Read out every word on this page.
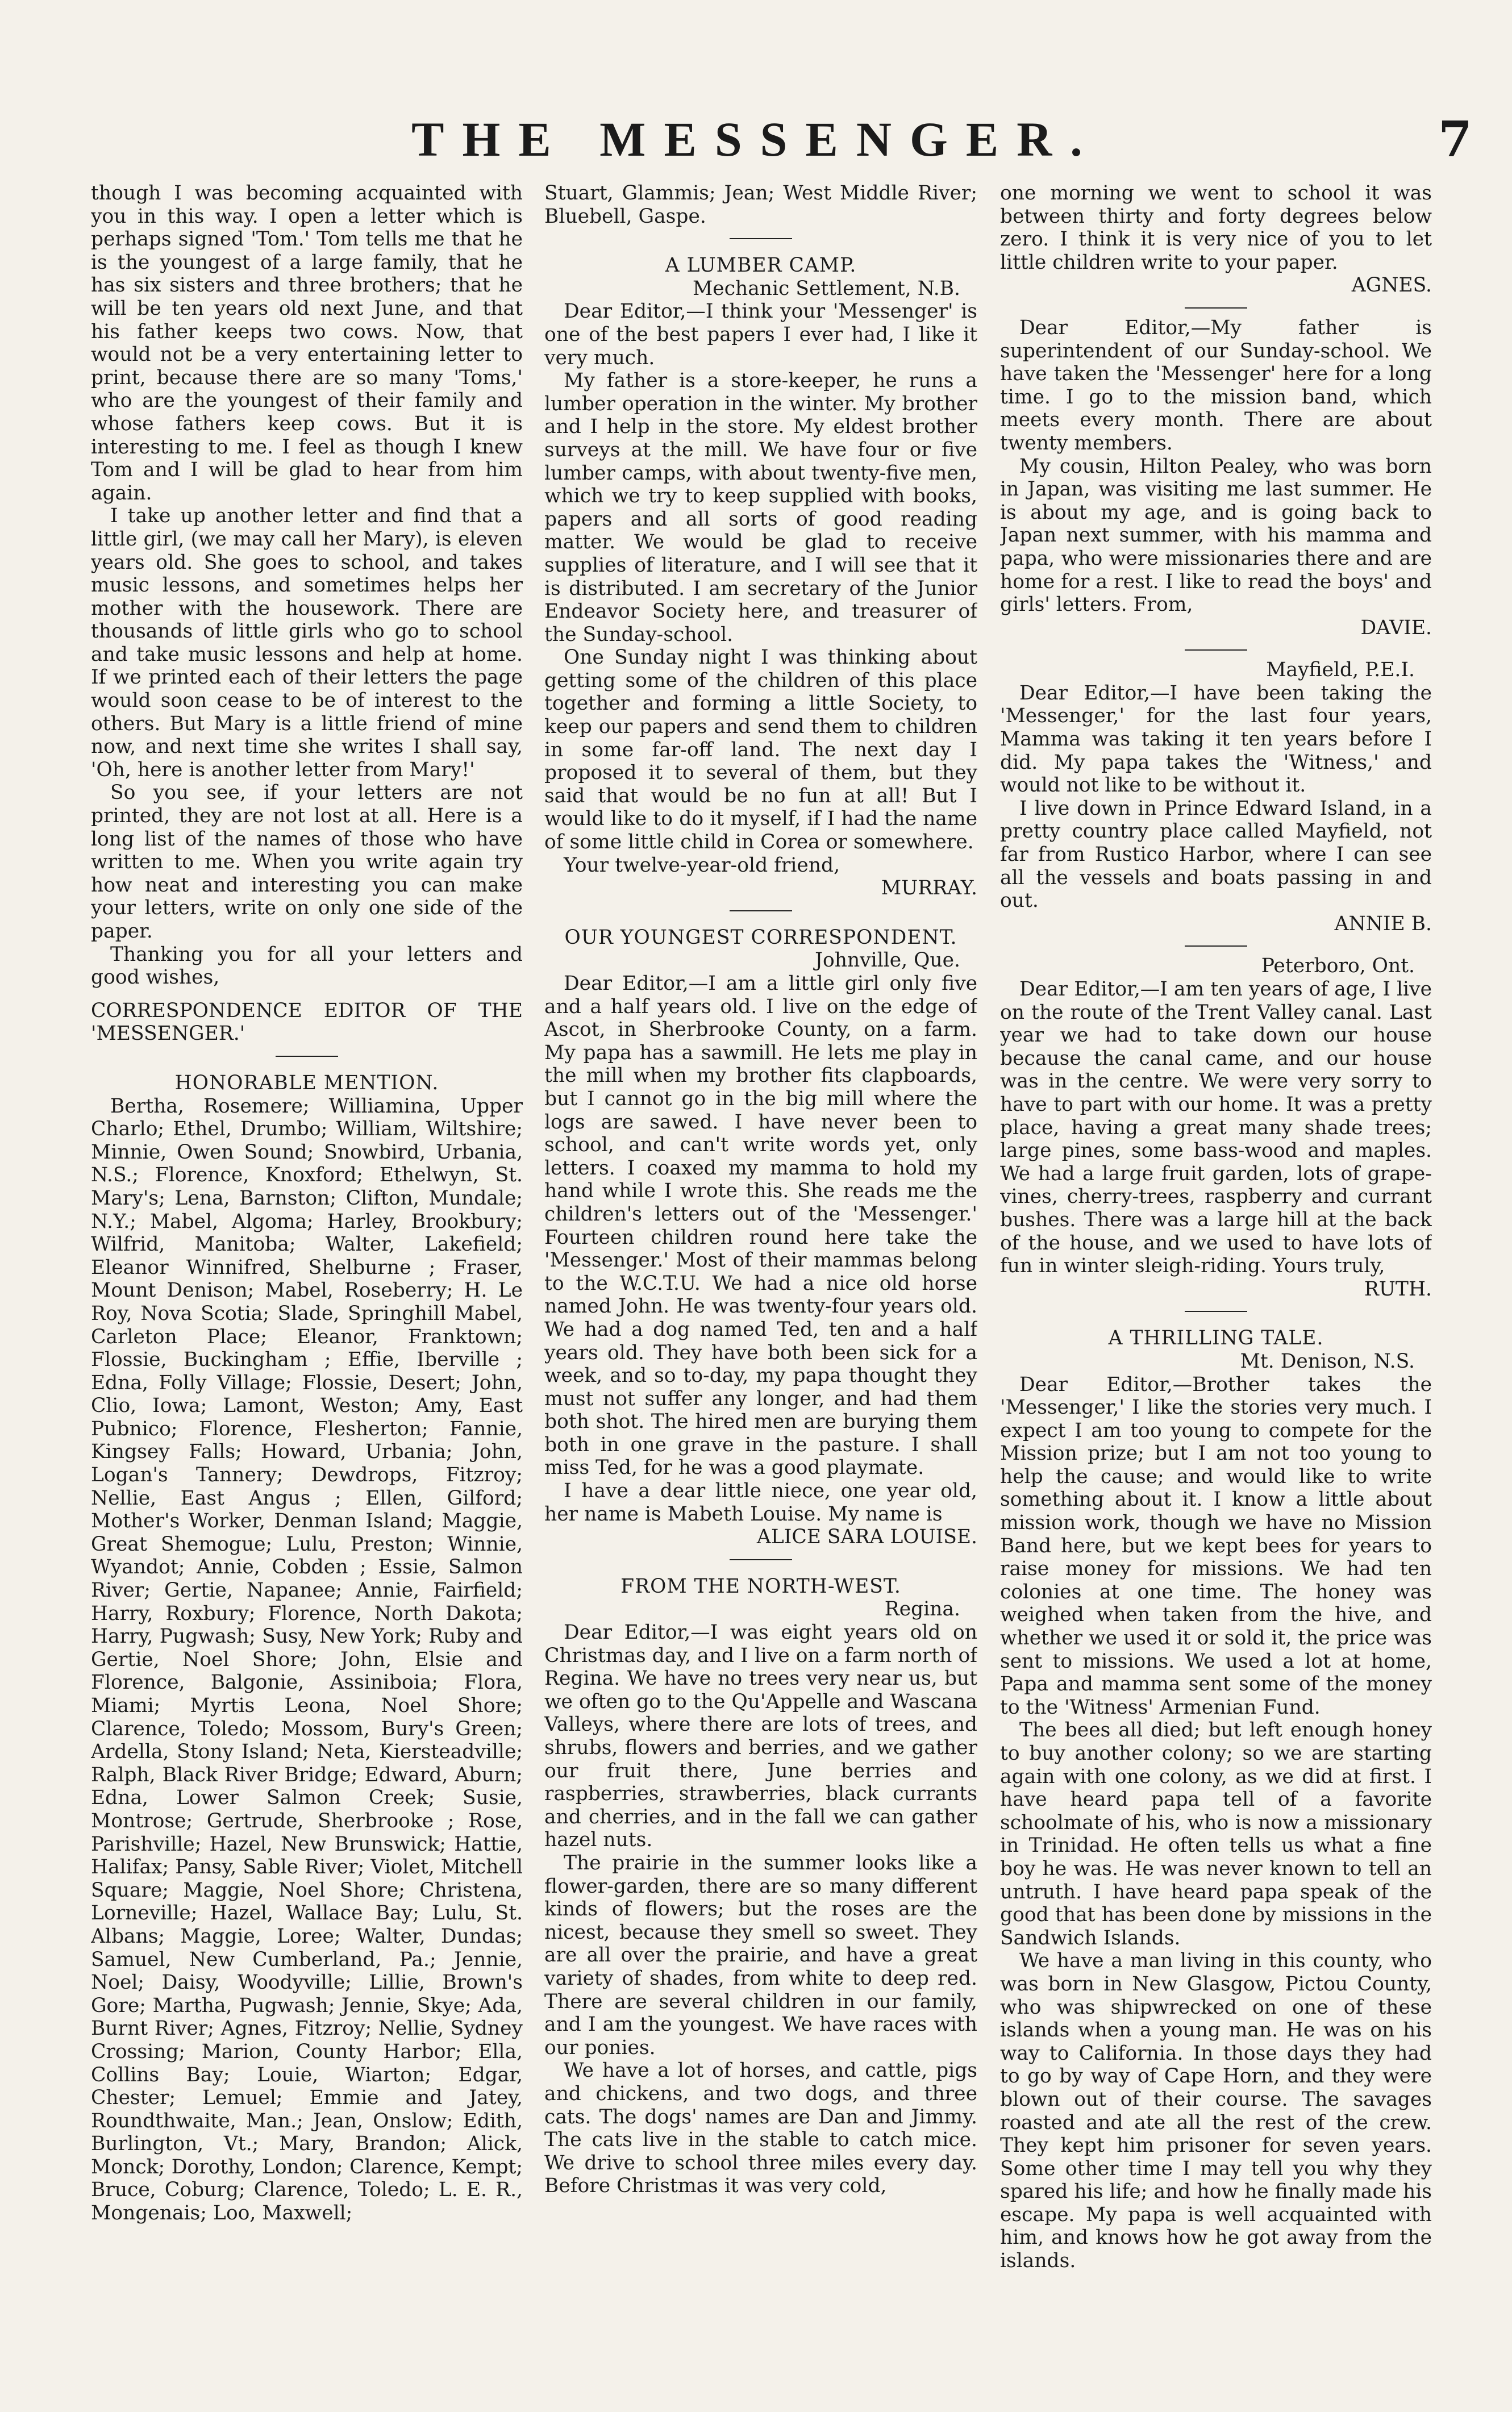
THE MESSENGER.	7

though I was becoming acquainted with you in this way. I open a letter which is perhaps signed 'Tom.' Tom tells me that he is the youngest of a large family, that he has six sisters and three brothers; that he will be ten years old next June, and that his father keeps two cows. Now, that would not be a very entertaining letter to print, because there are so many 'Toms,' who are the youngest of their family and whose fathers keep cows. But it is interesting to me. I feel as though I knew Tom and I will be glad to hear from him again.

I take up another letter and find that a little girl, (we may call her Mary), is eleven years old. She goes to school, and takes music lessons, and sometimes helps her mother with the housework. There are thousands of little girls who go to school and take music lessons and help at home. If we printed each of their letters the page would soon cease to be of interest to the others. But Mary is a little friend of mine now, and next time she writes I shall say, 'Oh, here is another letter from Mary!'

So you see, if your letters are not printed, they are not lost at all. Here is a long list of the names of those who have written to me. When you write again try how neat and interesting you can make your letters, write on only one side of the paper.

Thanking you for all your letters and good wishes,

CORRESPONDENCE EDITOR OF THE 'MESSENGER.'

HONORABLE MENTION.

Bertha, Rosemere; Williamina, Upper Charlo; Ethel, Drumbo; William, Wiltshire; Minnie, Owen Sound; Snowbird, Urbania, N.S.; Florence, Knoxford; Ethelwyn, St. Mary's; Lena, Barnston; Clifton, Mundale; N.Y.; Mabel, Algoma; Harley, Brookbury; Wilfrid, Manitoba; Walter, Lakefield; Eleanor Winnifred, Shelburne ; Fraser, Mount Denison; Mabel, Roseberry; H. Le Roy, Nova Scotia; Slade, Springhill Mabel, Carleton Place; Eleanor, Franktown; Flossie, Buckingham ; Effie, Iberville ; Edna, Folly Village; Flossie, Desert; John, Clio, Iowa; Lamont, Weston; Amy, East Pubnico; Florence, Flesherton; Fannie, Kingsey Falls; Howard, Urbania; John, Logan's Tannery; Dewdrops, Fitzroy; Nellie, East Angus ; Ellen, Gilford; Mother's Worker, Denman Island; Maggie, Great Shemogue; Lulu, Preston; Winnie, Wyandot; Annie, Cobden ; Essie, Salmon River; Gertie, Napanee; Annie, Fairfield; Harry, Roxbury; Florence, North Dakota; Harry, Pugwash; Susy, New York; Ruby and Gertie, Noel Shore; John, Elsie and Florence, Balgonie, Assiniboia; Flora, Miami; Myrtis Leona, Noel Shore; Clarence, Toledo; Mossom, Bury's Green; Ardella, Stony Island; Neta, Kiersteadville; Ralph, Black River Bridge; Edward, Aburn; Edna, Lower Salmon Creek; Susie, Montrose; Gertrude, Sherbrooke ; Rose, Parishville; Hazel, New Brunswick; Hattie, Halifax; Pansy, Sable River; Violet, Mitchell Square; Maggie, Noel Shore; Christena, Lorneville; Hazel, Wallace Bay; Lulu, St. Albans; Maggie, Loree; Walter, Dundas; Samuel, New Cumberland, Pa.; Jennie, Noel; Daisy, Woodyville; Lillie, Brown's Gore; Martha, Pugwash; Jennie, Skye; Ada, Burnt River; Agnes, Fitzroy; Nellie, Sydney Crossing; Marion, County Harbor; Ella, Collins Bay; Louie, Wiarton; Edgar, Chester; Lemuel; Emmie and Jatey, Roundthwaite, Man.; Jean, Onslow; Edith, Burlington, Vt.; Mary, Brandon; Alick, Monck; Dorothy, London; Clarence, Kempt; Bruce, Coburg; Clarence, Toledo; L. E. R., Mongenais; Loo, Maxwell;

Stuart, Glammis; Jean; West Middle River; Bluebell, Gaspe.

A LUMBER CAMP.

Mechanic Settlement, N.B.

Dear Editor,—I think your 'Messenger' is one of the best papers I ever had, I like it very much.

My father is a store-keeper, he runs a lumber operation in the winter. My brother and I help in the store. My eldest brother surveys at the mill. We have four or five lumber camps, with about twenty-five men, which we try to keep supplied with books, papers and all sorts of good reading matter. We would be glad to receive supplies of literature, and I will see that it is distributed. I am secretary of the Junior Endeavor Society here, and treasurer of the Sunday-school.

One Sunday night I was thinking about getting some of the children of this place together and forming a little Society, to keep our papers and send them to children in some far-off land. The next day I proposed it to several of them, but they said that would be no fun at all! But I would like to do it myself, if I had the name of some little child in Corea or somewhere.

Your twelve-year-old friend,

MURRAY.

OUR YOUNGEST CORRESPONDENT.

Johnville, Que.

Dear Editor,—I am a little girl only five and a half years old. I live on the edge of Ascot, in Sherbrooke County, on a farm. My papa has a sawmill. He lets me play in the mill when my brother fits clapboards, but I cannot go in the big mill where the logs are sawed. I have never been to school, and can't write words yet, only letters. I coaxed my mamma to hold my hand while I wrote this. She reads me the children's letters out of the 'Messenger.' Fourteen children round here take the 'Messenger.' Most of their mammas belong to the W.C.T.U. We had a nice old horse named John. He was twenty-four years old. We had a dog named Ted, ten and a half years old. They have both been sick for a week, and so to-day, my papa thought they must not suffer any longer, and had them both shot. The hired men are burying them both in one grave in the pasture. I shall miss Ted, for he was a good playmate.

I have a dear little niece, one year old, her name is Mabeth Louise. My name is

ALICE SARA LOUISE.

FROM THE NORTH-WEST.

Regina.

Dear Editor,—I was eight years old on Christmas day, and I live on a farm north of Regina. We have no trees very near us, but we often go to the Qu'Appelle and Wascana Valleys, where there are lots of trees, and shrubs, flowers and berries, and we gather our fruit there, June berries and raspberries, strawberries, black currants and cherries, and in the fall we can gather hazel nuts.

The prairie in the summer looks like a flower-garden, there are so many different kinds of flowers; but the roses are the nicest, because they smell so sweet. They are all over the prairie, and have a great variety of shades, from white to deep red. There are several children in our family, and I am the youngest. We have races with our ponies.

We have a lot of horses, and cattle, pigs and chickens, and two dogs, and three cats. The dogs' names are Dan and Jimmy. The cats live in the stable to catch mice. We drive to school three miles every day. Before Christmas it was very cold,

one morning we went to school it was between thirty and forty degrees below zero. I think it is very nice of you to let little children write to your paper.

AGNES.

Dear Editor,—My father is superintendent of our Sunday-school. We have taken the 'Messenger' here for a long time. I go to the mission band, which meets every month. There are about twenty members.

My cousin, Hilton Pealey, who was born in Japan, was visiting me last summer. He is about my age, and is going back to Japan next summer, with his mamma and papa, who were missionaries there and are home for a rest. I like to read the boys' and girls' letters. From,

DAVIE.

Mayfield, P.E.I.

Dear Editor,—I have been taking the 'Messenger,' for the last four years, Mamma was taking it ten years before I did. My papa takes the 'Witness,' and would not like to be without it.

I live down in Prince Edward Island, in a pretty country place called Mayfield, not far from Rustico Harbor, where I can see all the vessels and boats passing in and out.

ANNIE B.

Peterboro, Ont.

Dear Editor,—I am ten years of age, I live on the route of the Trent Valley canal. Last year we had to take down our house because the canal came, and our house was in the centre. We were very sorry to have to part with our home. It was a pretty place, having a great many shade trees; large pines, some bass-wood and maples. We had a large fruit garden, lots of grape-vines, cherry-trees, raspberry and currant bushes. There was a large hill at the back of the house, and we used to have lots of fun in winter sleigh-riding. Yours truly,

RUTH.

A THRILLING TALE.

Mt. Denison, N.S.

Dear Editor,—Brother takes the 'Messenger,' I like the stories very much. I expect I am too young to compete for the Mission prize; but I am not too young to help the cause; and would like to write something about it. I know a little about mission work, though we have no Mission Band here, but we kept bees for years to raise money for missions. We had ten colonies at one time. The honey was weighed when taken from the hive, and whether we used it or sold it, the price was sent to missions. We used a lot at home, Papa and mamma sent some of the money to the 'Witness' Armenian Fund.

The bees all died; but left enough honey to buy another colony; so we are starting again with one colony, as we did at first. I have heard papa tell of a favorite schoolmate of his, who is now a missionary in Trinidad. He often tells us what a fine boy he was. He was never known to tell an untruth. I have heard papa speak of the good that has been done by missions in the Sandwich Islands.

We have a man living in this county, who was born in New Glasgow, Pictou County, who was shipwrecked on one of these islands when a young man. He was on his way to California. In those days they had to go by way of Cape Horn, and they were blown out of their course. The savages roasted and ate all the rest of the crew. They kept him prisoner for seven years. Some other time I may tell you why they spared his life; and how he finally made his escape. My papa is well acquainted with him, and knows how he got away from the islands.
